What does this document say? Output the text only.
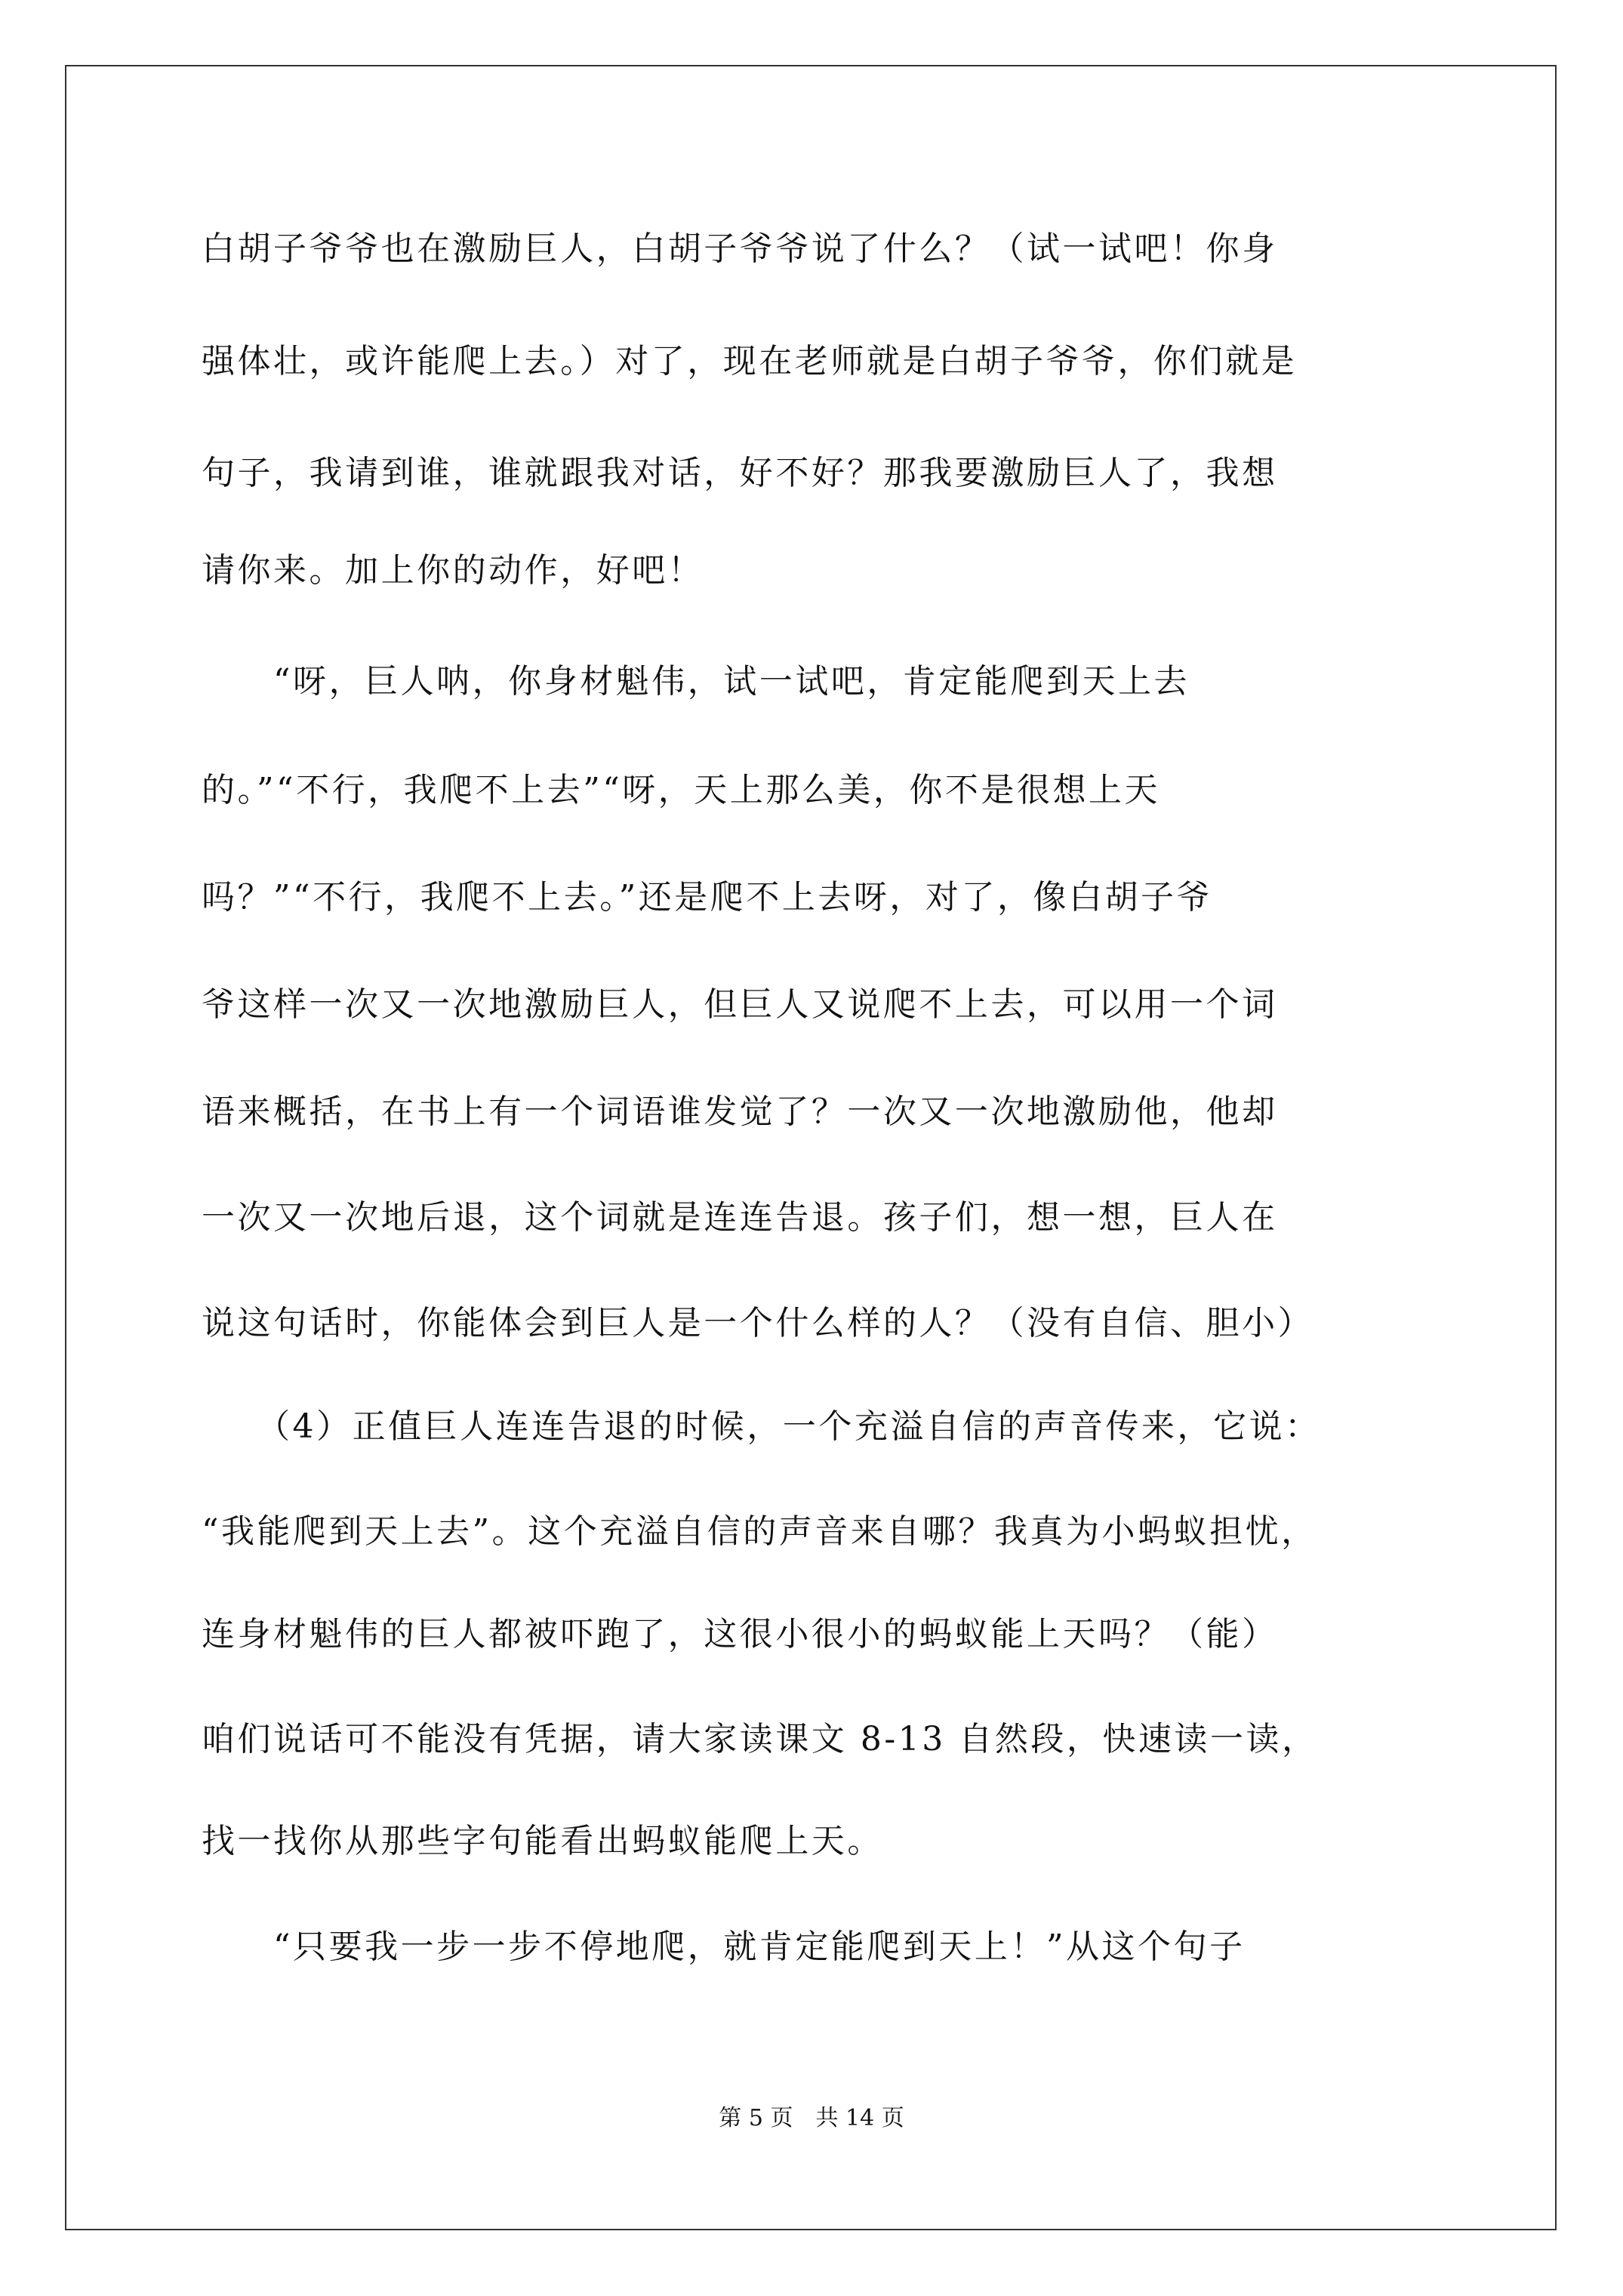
白胡子爷爷也在激励巨人，白胡子爷爷说了什么？（试一试吧！你身
强体壮，或许能爬上去。）对了，现在老师就是白胡子爷爷，你们就是
句子，我请到谁，谁就跟我对话，好不好？那我要激励巨人了，我想
请你来。加上你的动作，好吧！
　　“呀，巨人呐，你身材魁伟，试一试吧，肯定能爬到天上去
的。”“不行，我爬不上去”“呀，天上那么美，你不是很想上天
吗？”“不行，我爬不上去。”还是爬不上去呀，对了，像白胡子爷
爷这样一次又一次地激励巨人，但巨人又说爬不上去，可以用一个词
语来概括，在书上有一个词语谁发觉了？一次又一次地激励他，他却
一次又一次地后退，这个词就是连连告退。孩子们，想一想，巨人在
说这句话时，你能体会到巨人是一个什么样的人？（没有自信、胆小）
　　（4）正值巨人连连告退的时候，一个充溢自信的声音传来，它说：
“我能爬到天上去”。这个充溢自信的声音来自哪？我真为小蚂蚁担忧，
连身材魁伟的巨人都被吓跑了，这很小很小的蚂蚁能上天吗？（能）
咱们说话可不能没有凭据，请大家读课文 8-13 自然段，快速读一读，
找一找你从那些字句能看出蚂蚁能爬上天。
　　“只要我一步一步不停地爬，就肯定能爬到天上！”从这个句子
第 5 页　共 14 页
